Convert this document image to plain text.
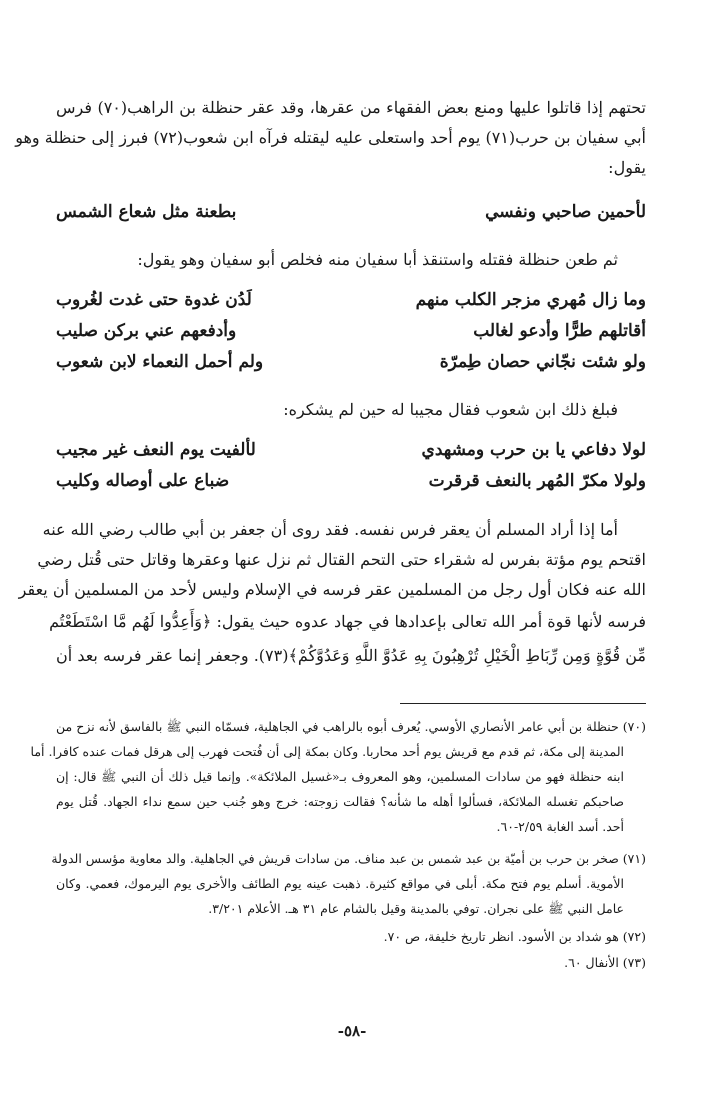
تحتهم إذا قاتلوا عليها ومنع بعض الفقهاء من عقرها، وقد عقر حنظلة بن الراهب(٧٠) فرس
أبي سفيان بن حرب(٧١) يوم أحد واستعلى عليه ليقتله فرآه ابن شعوب(٧٢) فبرز إلى حنظلة وهو
يقول:
لأحمين صاحبي ونفسي
بطعنة مثل شعاع الشمس
ثم طعن حنظلة فقتله واستنقذ أبا سفيان منه فخلص أبو سفيان وهو يقول:
وما زال مُهري مزجر الكلب منهم
لَدُن غدوة حتى غدت لغُروب
أقاتلهم طرًّا وأدعو لغالب
وأدفعهم عني بركن صليب
ولو شئت نجّاني حصان طِمرّة
ولم أحمل النعماء لابن شعوب
فبلغ ذلك ابن شعوب فقال مجيبا له حين لم يشكره:
لولا دفاعي يا بن حرب ومشهدي
لألفيت يوم النعف غير مجيب
ولولا مكرّ المُهر بالنعف قرقرت
ضباع على أوصاله وكليب
أما إذا أراد المسلم أن يعقر فرس نفسه. فقد روى أن جعفر بن أبي طالب رضي الله عنه
اقتحم يوم مؤتة بفرس له شقراء حتى التحم القتال ثم نزل عنها وعقرها وقاتل حتى قُتل رضي
الله عنه فكان أول رجل من المسلمين عقر فرسه في الإسلام وليس لأحد من المسلمين أن يعقر
فرسه لأنها قوة أمر الله تعالى بإعدادها في جهاد عدوه حيث يقول: ﴿وَأَعِدُّوا لَهُم مَّا اسْتَطَعْتُم
مِّن قُوَّةٍ وَمِن رِّبَاطِ الْخَيْلِ تُرْهِبُونَ بِهِ عَدُوَّ اللَّهِ وَعَدُوَّكُمْ﴾(٧٣). وجعفر إنما عقر فرسه بعد أن
(٧٠) حنظلة بن أبي عامر الأنصاري الأوسي. يُعرف أبوه بالراهب في الجاهلية، فسمّاه النبي ﷺ بالفاسق لأنه نزح من
المدينة إلى مكة، ثم قدم مع قريش يوم أحد محاربا. وكان بمكة إلى أن فُتحت فهرب إلى هرقل فمات عنده كافرا. أما
ابنه حنظلة فهو من سادات المسلمين، وهو المعروف بـ«غسيل الملائكة». وإنما قيل ذلك أن النبي ﷺ قال: إن
صاحبكم تغسله الملائكة، فسألوا أهله ما شأنه؟ فقالت زوجته: خرج وهو جُنب حين سمع نداء الجهاد. قُتل يوم
أحد. أسد الغابة ٢/٥٩-٦٠.
(٧١) صخر بن حرب بن أميّة بن عبد شمس بن عبد مناف. من سادات قريش في الجاهلية. والد معاوية مؤسس الدولة
الأموية. أسلم يوم فتح مكة. أبلى في مواقع كثيرة. ذهبت عينه يوم الطائف والأخرى يوم اليرموك، فعمي. وكان
عامل النبي ﷺ على نجران. توفي بالمدينة وقيل بالشام عام ٣١ هـ. الأعلام ٣/٢٠١.
(٧٢) هو شداد بن الأسود. انظر تاريخ خليفة، ص ٧٠.
(٧٣) الأنفال ٦٠.
-٥٨-
